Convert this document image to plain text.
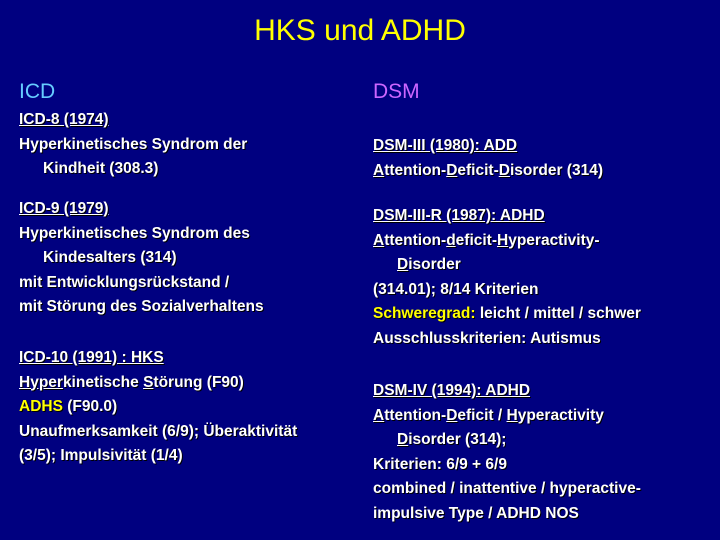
HKS und ADHD
ICD	DSM
ICD-8 (1974)
Hyperkinetisches Syndrom der
Kindheit (308.3)
ICD-9 (1979)
Hyperkinetisches Syndrom des
Kindesalters (314)
mit Entwicklungsrückstand /
mit Störung des Sozialverhaltens
ICD-10 (1991) : HKS
Hyperkinetische Störung (F90)
ADHS (F90.0)
Unaufmerksamkeit (6/9); Überaktivität
(3/5); Impulsivität (1/4)
DSM-III (1980): ADD
Attention-Deficit-Disorder (314)
DSM-III-R (1987): ADHD
Attention-deficit-Hyperactivity-
Disorder
(314.01); 8/14 Kriterien
Schweregrad: leicht / mittel / schwer
Ausschlusskriterien: Autismus
DSM-IV (1994): ADHD
Attention-Deficit / Hyperactivity
Disorder (314);
Kriterien: 6/9 + 6/9
combined / inattentive / hyperactive-
impulsive Type / ADHD NOS
